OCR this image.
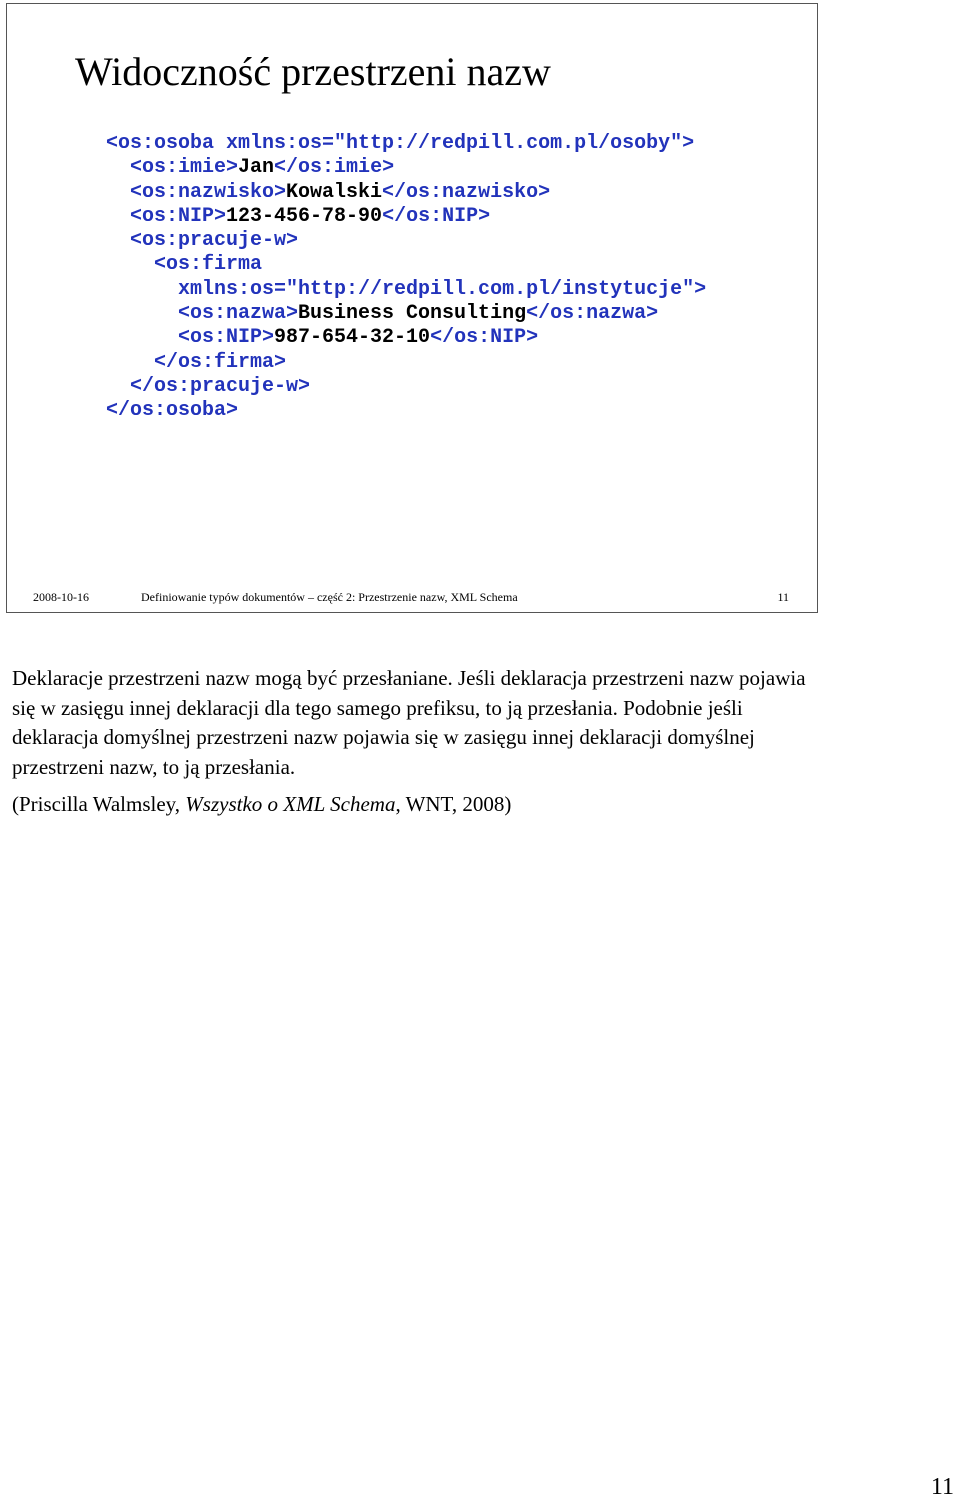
Widoczność przestrzeni nazw
<os:osoba xmlns:os="http://redpill.com.pl/osoby">
<os:imie>Jan</os:imie>
<os:nazwisko>Kowalski</os:nazwisko>
<os:NIP>123-456-78-90</os:NIP>
<os:pracuje-w>
<os:firma
xmlns:os="http://redpill.com.pl/instytucje">
<os:nazwa>Business Consulting</os:nazwa>
<os:NIP>987-654-32-10</os:NIP>
</os:firma>
</os:pracuje-w>
</os:osoba>
2008-10-16	Definiowanie typów dokumentów – część 2: Przestrzenie nazw, XML Schema	11

Deklaracje przestrzeni nazw mogą być przesłaniane. Jeśli deklaracja przestrzeni nazw pojawia się w zasięgu innej deklaracji dla tego samego prefiksu, to ją przesłania. Podobnie jeśli deklaracja domyślnej przestrzeni nazw pojawia się w zasięgu innej deklaracji domyślnej przestrzeni nazw, to ją przesłania.

(Priscilla Walmsley, Wszystko o XML Schema, WNT, 2008)

11
